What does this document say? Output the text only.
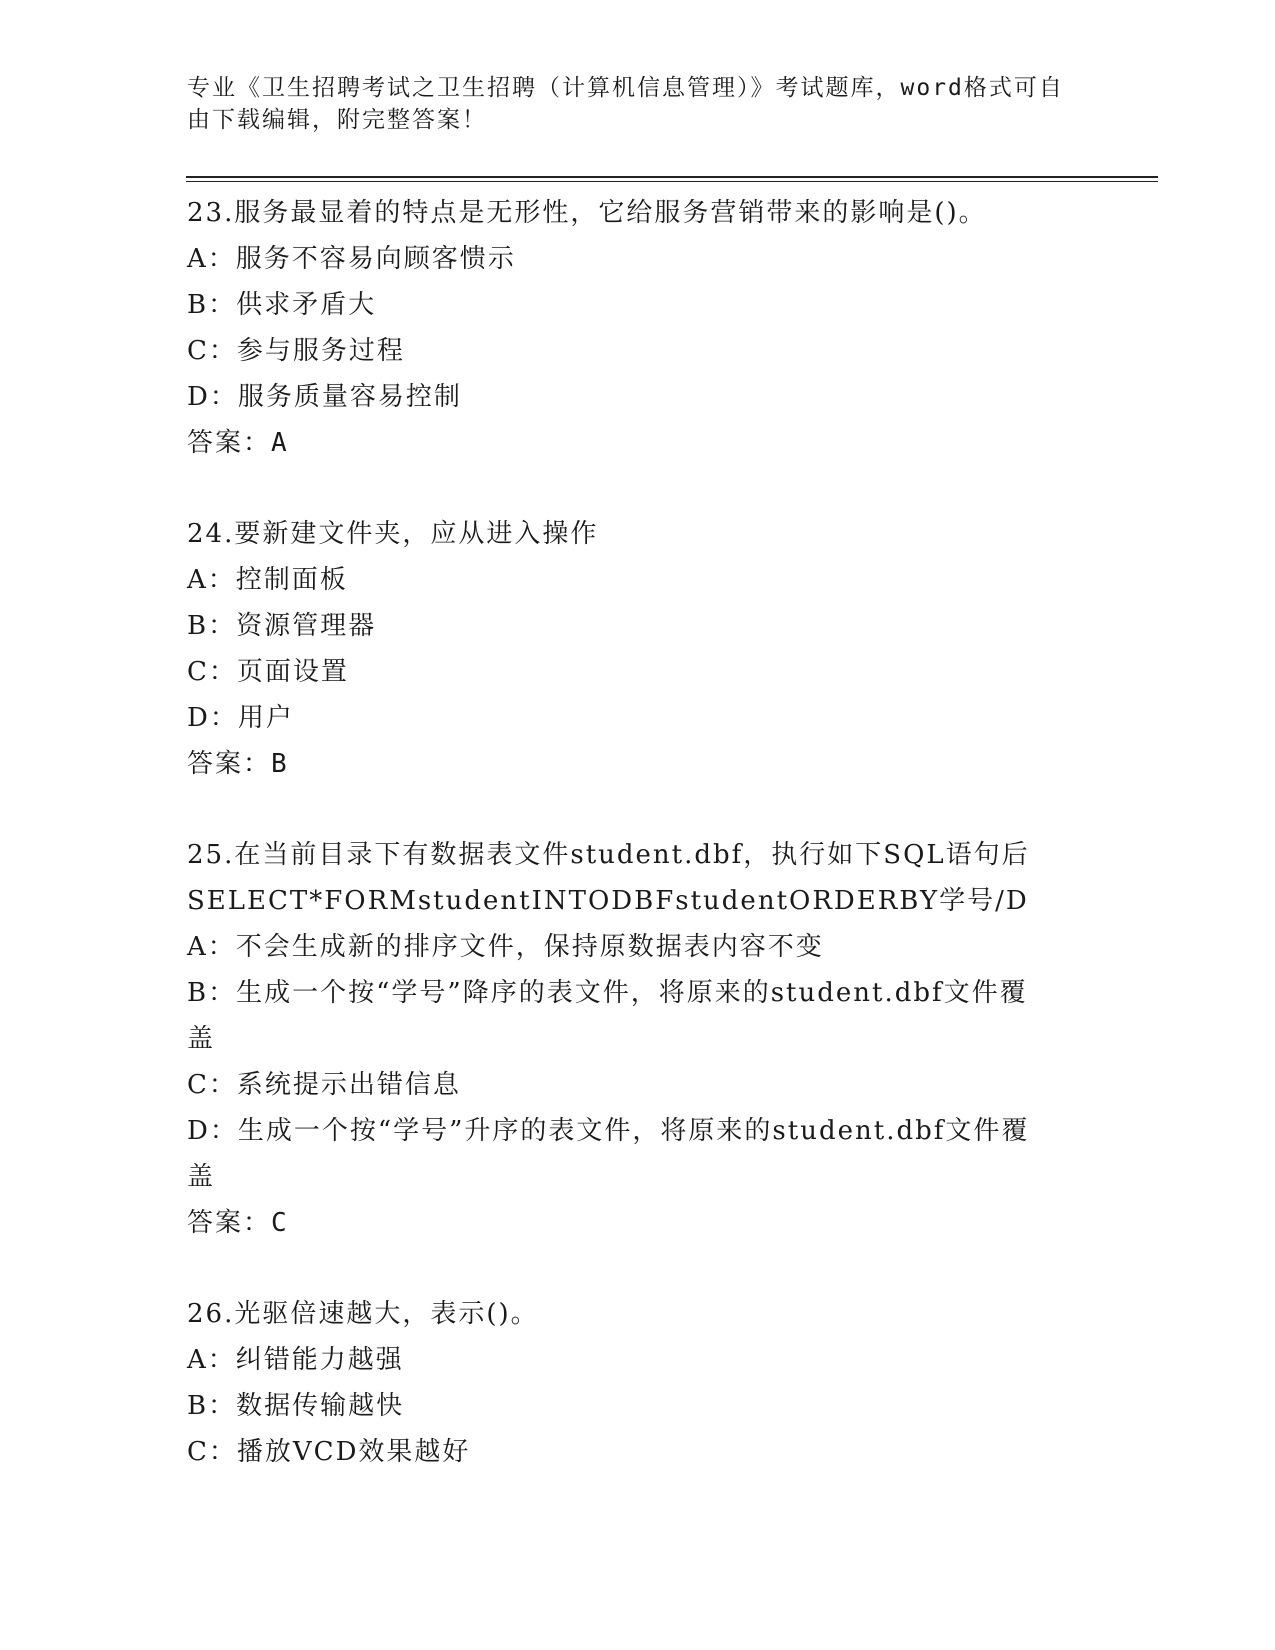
专业《卫生招聘考试之卫生招聘（计算机信息管理）》考试题库，word格式可自
由下载编辑，附完整答案！
23.服务最显着的特点是无形性，它给服务营销带来的影响是()。
A：服务不容易向顾客愦示
B：供求矛盾大
C：参与服务过程
D：服务质量容易控制
答案：A
24.要新建文件夹，应从进入操作
A：控制面板
B：资源管理器
C：页面设置
D：用户
答案：B
25.在当前目录下有数据表文件student.dbf，执行如下SQL语句后
SELECT*FORMstudentINTODBFstudentORDERBY学号/D
A：不会生成新的排序文件，保持原数据表内容不变
B：生成一个按“学号”降序的表文件，将原来的student.dbf文件覆
盖
C：系统提示出错信息
D：生成一个按“学号”升序的表文件，将原来的student.dbf文件覆
盖
答案：C
26.光驱倍速越大，表示()。
A：纠错能力越强
B：数据传输越快
C：播放VCD效果越好
